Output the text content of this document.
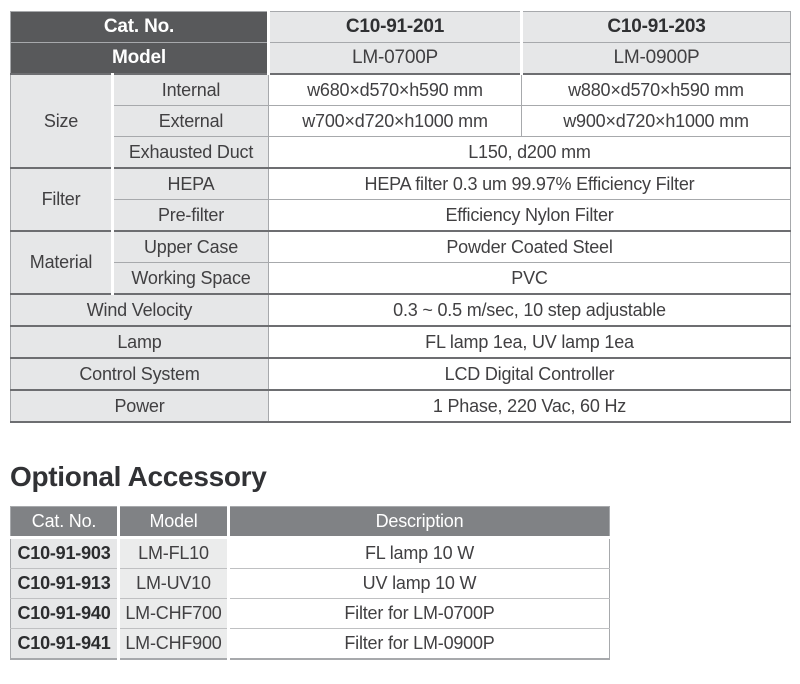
Cat. No.		C10-91-201	C10-91-203
Model		LM-0700P	LM-0900P
Size	Internal	w680×d570×h590 mm	w880×d570×h590 mm
	External	w700×d720×h1000 mm	w900×d720×h1000 mm
	Exhausted Duct	L150, d200 mm	
Filter	HEPA	HEPA filter 0.3 um 99.97% Efficiency Filter	
	Pre-filter	Efficiency Nylon Filter	
Material	Upper Case	Powder Coated Steel	
	Working Space	PVC	
Wind Velocity		0.3 ~ 0.5 m/sec, 10 step adjustable	
Lamp		FL lamp 1ea, UV lamp 1ea	
Control System		LCD Digital Controller	
Power		1 Phase, 220 Vac, 60 Hz	
Optional Accessory
Cat. No.	Model	Description
C10-91-903	LM-FL10	FL lamp 10 W
C10-91-913	LM-UV10	UV lamp 10 W
C10-91-940	LM-CHF700	Filter for LM-0700P
C10-91-941	LM-CHF900	Filter for LM-0900P
